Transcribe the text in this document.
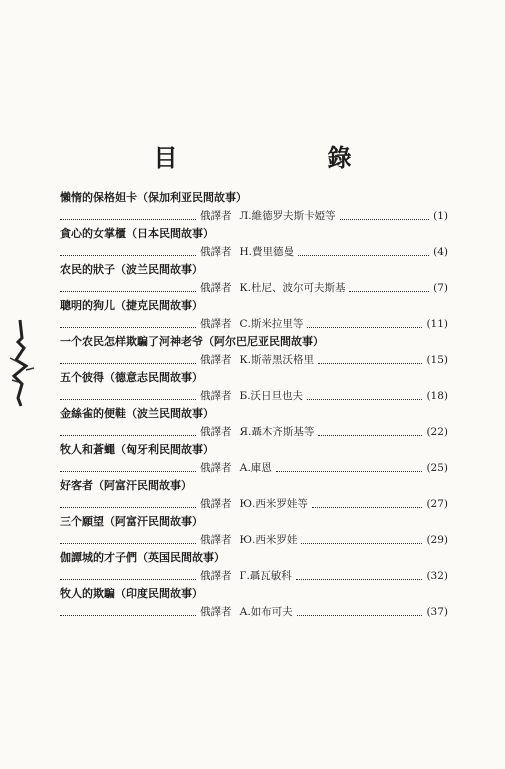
目　　錄
懶惰的保格妲卡（保加利亚民間故事）
俄譯者 Л.維德罗夫斯卡婭等	(1)
貪心的女掌櫃（日本民間故事）
俄譯者 Н.費里德曼	(4)
农民的狀子（波兰民間故事）
俄譯者 К.杜尼、波尔可夫斯基	(7)
聰明的狗儿（捷克民間故事）
俄譯者 С.斯米拉里等	(11)
一个农民怎样欺騙了河神老爷（阿尔巴尼亚民間故事）
俄譯者 К.斯蒂黑沃格里	(15)
五个彼得（德意志民間故事）
俄譯者 Б.沃日旦也夫	(18)
金絲雀的便鞋（波兰民間故事）
俄譯者 Я.聶木齐斯基等	(22)
牧人和蒼蠅（匈牙利民間故事）
俄譯者 А.庫恩	(25)
好客者（阿富汗民間故事）
俄譯者 Ю.西米罗娃等	(27)
三个願望（阿富汗民間故事）
俄譯者 Ю.西米罗娃	(29)
伽譚城的才子們（英国民間故事）
俄譯者 Г.聶瓦敏科	(32)
牧人的欺騙（印度民間故事）
俄譯者 А.如布可夫	(37)
